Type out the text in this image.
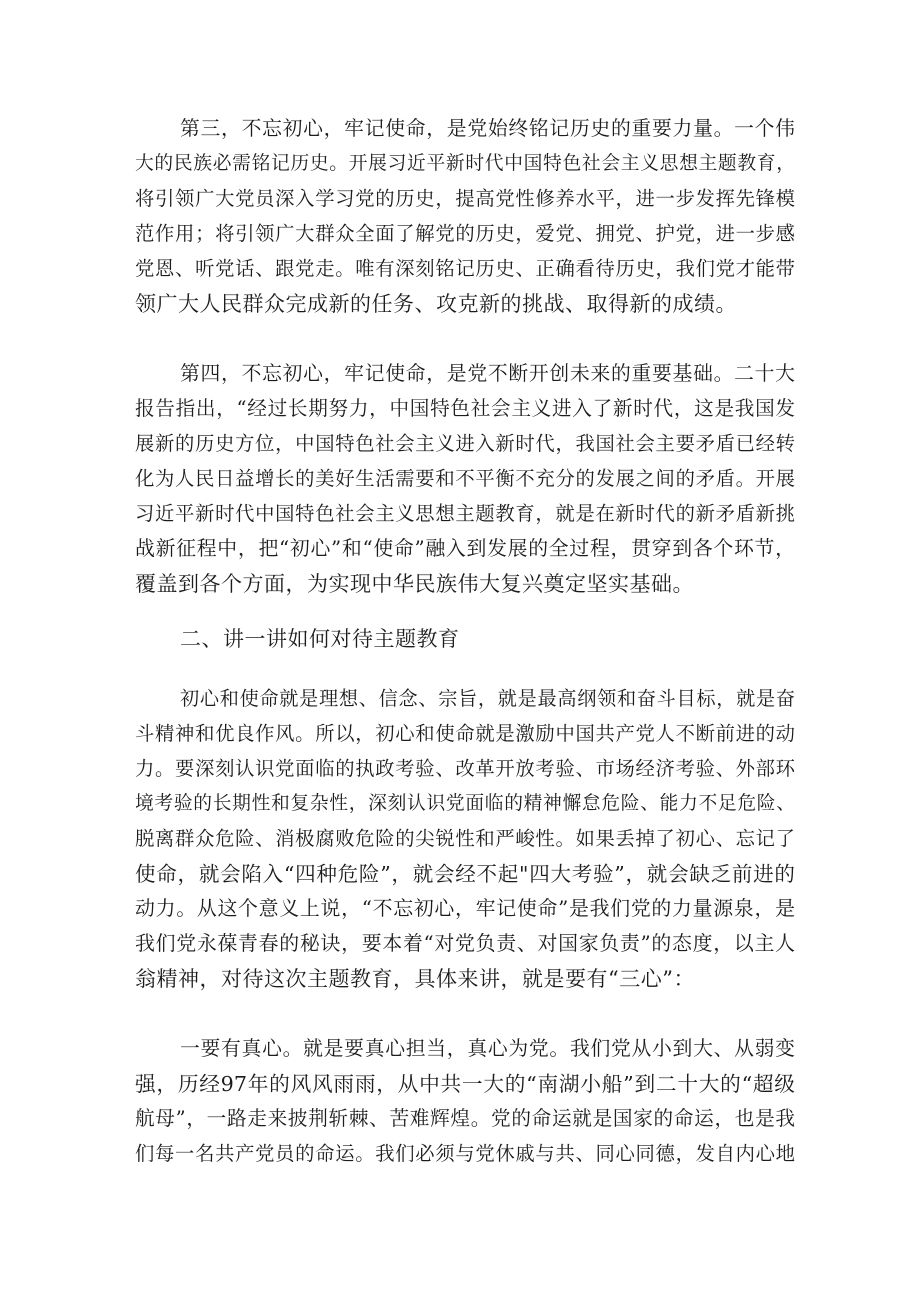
第三，不忘初心，牢记使命，是党始终铭记历史的重要力量。一个伟
大的民族必需铭记历史。开展习近平新时代中国特色社会主义思想主题教育，
将引领广大党员深入学习党的历史，提高党性修养水平，进一步发挥先锋模
范作用；将引领广大群众全面了解党的历史，爱党、拥党、护党，进一步感
党恩、听党话、跟党走。唯有深刻铭记历史、正确看待历史，我们党才能带
领广大人民群众完成新的任务、攻克新的挑战、取得新的成绩。
第四，不忘初心，牢记使命，是党不断开创未来的重要基础。二十大
报告指出，“经过长期努力，中国特色社会主义进入了新时代，这是我国发
展新的历史方位，中国特色社会主义进入新时代，我国社会主要矛盾已经转
化为人民日益增长的美好生活需要和不平衡不充分的发展之间的矛盾。开展
习近平新时代中国特色社会主义思想主题教育，就是在新时代的新矛盾新挑
战新征程中，把“初心”和“使命”融入到发展的全过程，贯穿到各个环节，
覆盖到各个方面，为实现中华民族伟大复兴奠定坚实基础。
二、讲一讲如何对待主题教育
初心和使命就是理想、信念、宗旨，就是最高纲领和奋斗目标，就是奋
斗精神和优良作风。所以，初心和使命就是激励中国共产党人不断前进的动
力。要深刻认识党面临的执政考验、改革开放考验、市场经济考验、外部环
境考验的长期性和复杂性，深刻认识党面临的精神懈怠危险、能力不足危险、
脱离群众危险、消极腐败危险的尖锐性和严峻性。如果丢掉了初心、忘记了
使命，就会陷入“四种危险”，就会经不起"四大考验”，就会缺乏前进的
动力。从这个意义上说，“不忘初心，牢记使命”是我们党的力量源泉，是
我们党永葆青春的秘诀，要本着“对党负责、对国家负责”的态度，以主人
翁精神，对待这次主题教育，具体来讲，就是要有“三心”：
一要有真心。就是要真心担当，真心为党。我们党从小到大、从弱变
强，历经97年的风风雨雨，从中共一大的“南湖小船”到二十大的“超级
航母”，一路走来披荆斩棘、苦难辉煌。党的命运就是国家的命运，也是我
们每一名共产党员的命运。我们必须与党休戚与共、同心同德，发自内心地
